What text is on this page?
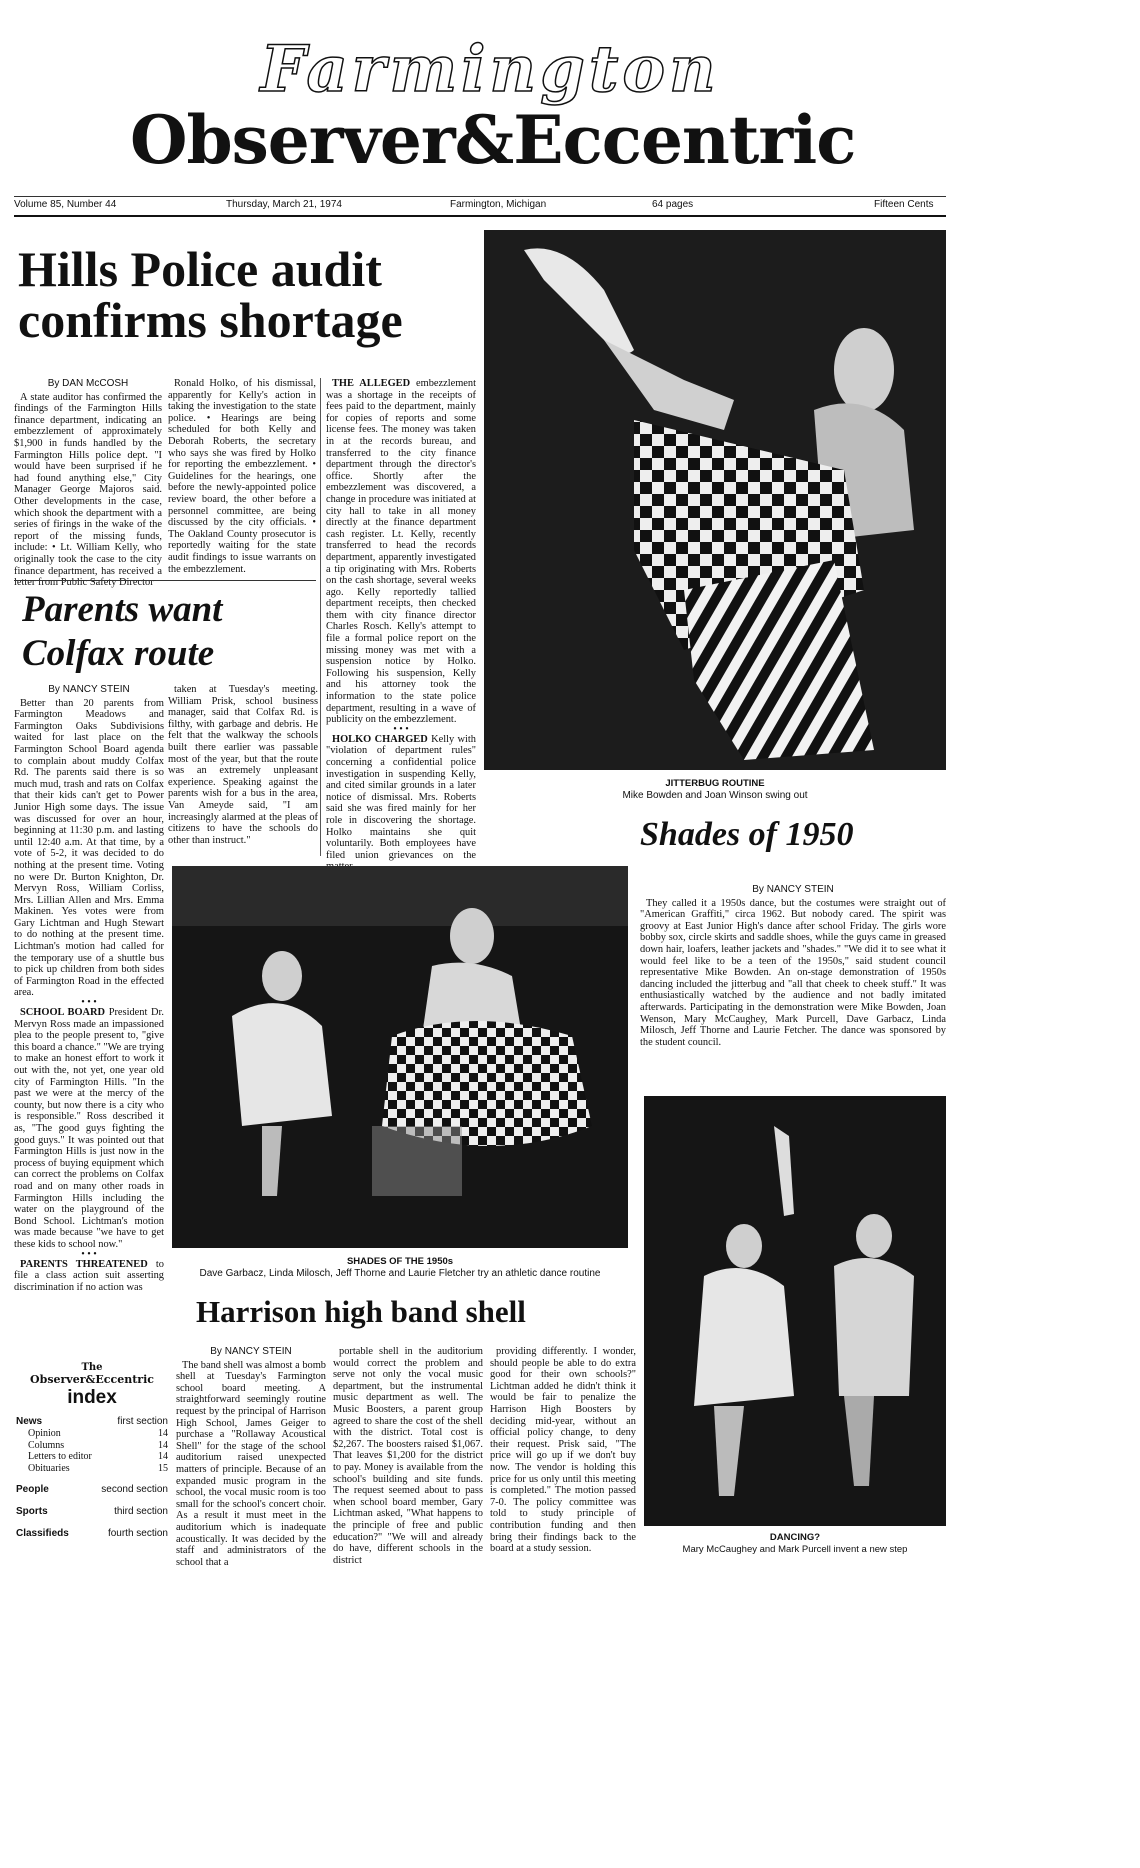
Farmington
Observer&Eccentric
Volume 85, Number 44	Thursday, March 21, 1974	Farmington, Michigan	64 pages	Fifteen Cents
Hills Police audit confirms shortage
By DAN McCOSH

A state auditor has confirmed the findings of the Farmington Hills finance department, indicating an embezzlement of approximately $1,900 in funds handled by the Farmington Hills police dept. "I would have been surprised if he had found anything else," City Manager George Majoros said. Other developments in the case, which shook the department with a series of firings in the wake of the report of the missing funds, include: • Lt. William Kelly, who originally took the case to the city finance department, has received a letter from Public Safety Director

Ronald Holko, of his dismissal, apparently for Kelly's action in taking the investigation to the state police. • Hearings are being scheduled for both Kelly and Deborah Roberts, the secretary who says she was fired by Holko for reporting the embezzlement. • Guidelines for the hearings, one before the newly-appointed police review board, the other before a personnel committee, are being discussed by the city officials. • The Oakland County prosecutor is reportedly waiting for the state audit findings to issue warrants on the embezzlement.

THE ALLEGED embezzlement was a shortage in the receipts of fees paid to the department, mainly for copies of reports and some license fees. The money was taken in at the records bureau, and transferred to the city finance department through the director's office. Shortly after the embezzlement was discovered, a change in procedure was initiated at city hall to take in all money directly at the finance department cash register. Lt. Kelly, recently transferred to head the records department, apparently investigated a tip originating with Mrs. Roberts on the cash shortage, several weeks ago. Kelly reportedly tallied department receipts, then checked them with city finance director Charles Rosch. Kelly's attempt to file a formal police report on the missing money was met with a suspension notice by Holko. Following his suspension, Kelly and his attorney took the information to the state police department, resulting in a wave of publicity on the embezzlement.

• • •

HOLKO CHARGED Kelly with "violation of department rules" concerning a confidential police investigation in suspending Kelly, and cited similar grounds in a later notice of dismissal. Mrs. Roberts said she was fired mainly for her role in discovering the shortage. Holko maintains she quit voluntarily. Both employees have filed union grievances on the

Parents want Colfax route
By NANCY STEIN

Better than 20 parents from Farmington Meadows and Farmington Oaks Subdivisions waited for last place on the Farmington School Board agenda to complain about muddy Colfax Rd. The parents said there is so much mud, trash and rats on Colfax that their kids can't get to Power Junior High some days. The issue was discussed for over an hour, beginning at 11:30 p.m. and lasting until 12:40 a.m. At that time, by a vote of 5-2, it was decided to do nothing at the present time. Voting no were Dr. Burton Knighton, Dr. Mervyn Ross, William Corliss, Mrs. Lillian Allen and Mrs. Emma Makinen. Yes votes were from Gary Lichtman and Hugh Stewart to do nothing at the present time. Lichtman's motion had called for the temporary use of a shuttle bus to pick up children from both sides of Farmington Road in the effected area.

• • •

SCHOOL BOARD President Dr. Mervyn Ross made an impassioned plea to the people present to, "give this board a chance." "We are trying to make an honest effort to work it out with the, not yet, one year old city of Farmington Hills. "In the past we were at the mercy of the county, but now there is a city who is responsible." Ross described it as, "The good guys fighting the good guys." It was pointed out that Farmington Hills is just now in the process of buying equipment which can correct the problems on Colfax road and on many other roads in Farmington Hills including the water on the playground of the Bond School. Lichtman's motion was made because "we have to get these kids to school now."

• • •

PARENTS THREATENED to file a class action suit asserting discrimination if no action was

taken at Tuesday's meeting. William Prisk, school business manager, said that Colfax Rd. is filthy, with garbage and debris. He felt that the walkway the schools built there earlier was passable most of the year, but that the route was an extremely unpleasant experience. Speaking against the parents wish for a bus in the area, Van Ameyde said, "I am increasingly alarmed at the pleas of citizens to have the schools do other than instruct."

JITTERBUG ROUTINE
Mike Bowden and Joan Winson swing out
Shades of 1950
By NANCY STEIN

They called it a 1950s dance, but the costumes were straight out of "American Graffiti," circa 1962. But nobody cared. The spirit was groovy at East Junior High's dance after school Friday. The girls wore bobby sox, circle skirts and saddle shoes, while the guys came in greased down hair, loafers, leather jackets and "shades." "We did it to see what it would feel like to be a teen of the 1950s," said student council representative Mike Bowden. An on-stage demonstration of 1950s dancing included the jitterbug and "all that cheek to cheek stuff." It was enthusiastically watched by the audience and not badly imitated afterwards. Participating in the demonstration were Mike Bowden, Joan Wenson, Mary McCaughey, Mark Purcell, Dave Garbacz, Linda Milosch, Jeff Thorne and Laurie Fetcher. The dance was sponsored by the student council.

SHADES OF THE 1950s
Dave Garbacz, Linda Milosch, Jeff Thorne and Laurie Fletcher try an athletic dance routine
DANCING?
Mary McCaughey and Mark Purcell invent a new step
Harrison high band shell
By NANCY STEIN

The band shell was almost a bomb shell at Tuesday's Farmington school board meeting. A straightforward seemingly routine request by the principal of Harrison High School, James Geiger to purchase a "Rollaway Acoustical Shell" for the stage of the school auditorium raised unexpected matters of principle. Because of an expanded music program in the school, the vocal music room is too small for the school's concert choir. As a result it must meet in the auditorium which is inadequate acoustically. It was decided by the staff and administrators of the school that a

portable shell in the auditorium would correct the problem and serve not only the vocal music department, but the instrumental music department as well. The Music Boosters, a parent group agreed to share the cost of the shell with the district. Total cost is $2,267. The boosters raised $1,067. That leaves $1,200 for the district to pay. Money is available from the school's building and site funds. The request seemed about to pass when school board member, Gary Lichtman asked, "What happens to the principle of free and public education?" "We will and already do have, different schools in the district

providing differently. I wonder, should people be able to do extra good for their own schools?" Lichtman added he didn't think it would be fair to penalize the Harrison High Boosters by deciding mid-year, without an official policy change, to deny their request. Prisk said, "The price will go up if we don't buy now. The vendor is holding this price for us only until this meeting is completed." The motion passed 7-0. The policy committee was told to study principle of contribution funding and then bring their findings back to the board at a study session.

The
Observer&Eccentric
index
News	first section
Opinion	14
Columns	14
Letters to editor	14
Obituaries	15
People	second section
Sports	third section
Classifieds	fourth section
